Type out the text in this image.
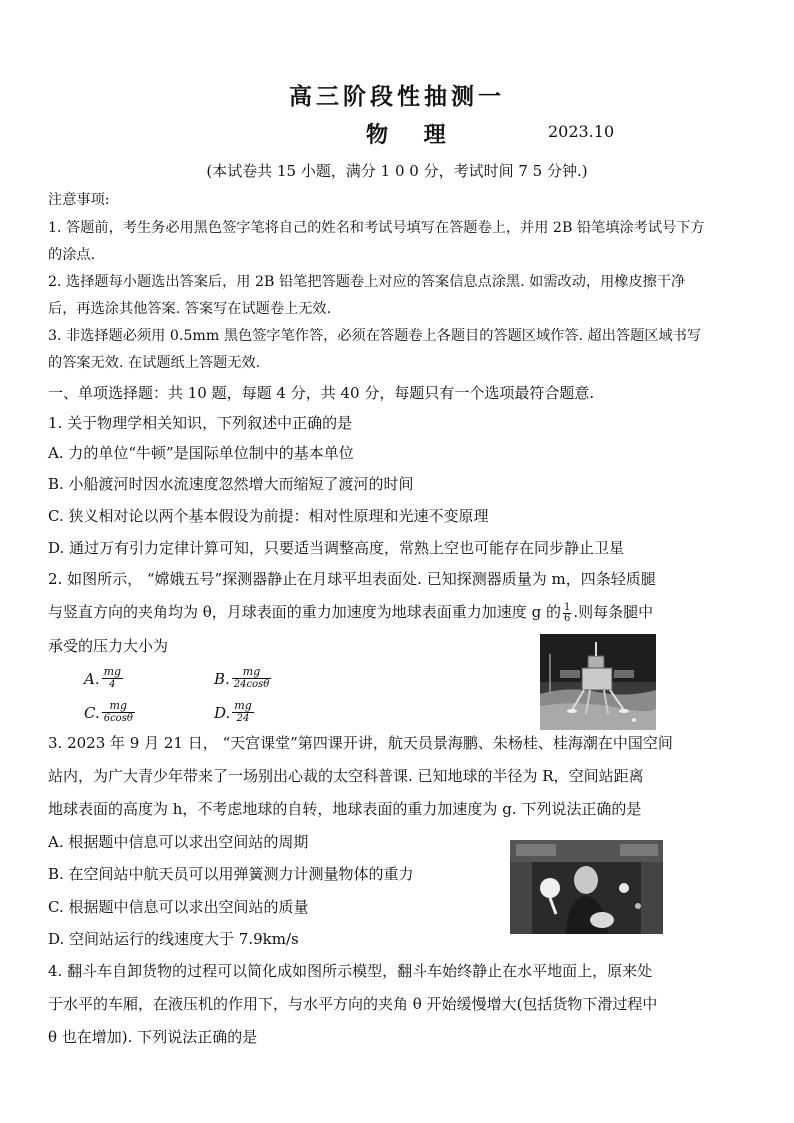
高三阶段性抽测一
物 理	2023.10
(本试卷共 15 小题，满分 1 0 0 分，考试时间 7 5 分钟.)
注意事项:
1. 答题前，考生务必用黑色签字笔将自己的姓名和考试号填写在答题卷上，并用 2B 铅笔填涂考试号下方
的涂点.
2. 选择题每小题选出答案后，用 2B 铅笔把答题卷上对应的答案信息点涂黑. 如需改动，用橡皮擦干净
后，再选涂其他答案. 答案写在试题卷上无效.
3. 非选择题必须用 0.5mm 黑色签字笔作答，必须在答题卷上各题目的答题区域作答. 超出答题区域书写
的答案无效. 在试题纸上答题无效.
一、单项选择题：共 10 题，每题 4 分，共 40 分，每题只有一个选项最符合题意.
1. 关于物理学相关知识，下列叙述中正确的是
A. 力的单位“牛顿”是国际单位制中的基本单位
B. 小船渡河时因水流速度忽然增大而缩短了渡河的时间
C. 狭义相对论以两个基本假设为前提：相对性原理和光速不变原理
D. 通过万有引力定律计算可知，只要适当调整高度，常熟上空也可能存在同步静止卫星
2. 如图所示， “嫦娥五号”探测器静止在月球平坦表面处. 已知探测器质量为 m，四条轻质腿
与竖直方向的夹角均为 θ，月球表面的重力加速度为地球表面重力加速度 g 的 $\frac{1}{6}$ .则每条腿中
承受的压力大小为
A. $\frac{mg}{4}$	B. $\frac{mg}{24\cos\theta}$
C. $\frac{mg}{6\cos\theta}$	D. $\frac{mg}{24}$
3. 2023 年 9 月 21 日， “天宫课堂”第四课开讲，航天员景海鹏、朱杨桂、桂海潮在中国空间
站内，为广大青少年带来了一场别出心裁的太空科普课. 已知地球的半径为 R，空间站距离
地球表面的高度为 h，不考虑地球的自转，地球表面的重力加速度为 g. 下列说法正确的是
A. 根据题中信息可以求出空间站的周期
B. 在空间站中航天员可以用弹簧测力计测量物体的重力
C. 根据题中信息可以求出空间站的质量
D. 空间站运行的线速度大于 7.9km/s
4. 翻斗车自卸货物的过程可以简化成如图所示模型，翻斗车始终静止在水平地面上，原来处
于水平的车厢，在液压机的作用下，与水平方向的夹角 θ 开始缓慢增大(包括货物下滑过程中
θ 也在增加). 下列说法正确的是
